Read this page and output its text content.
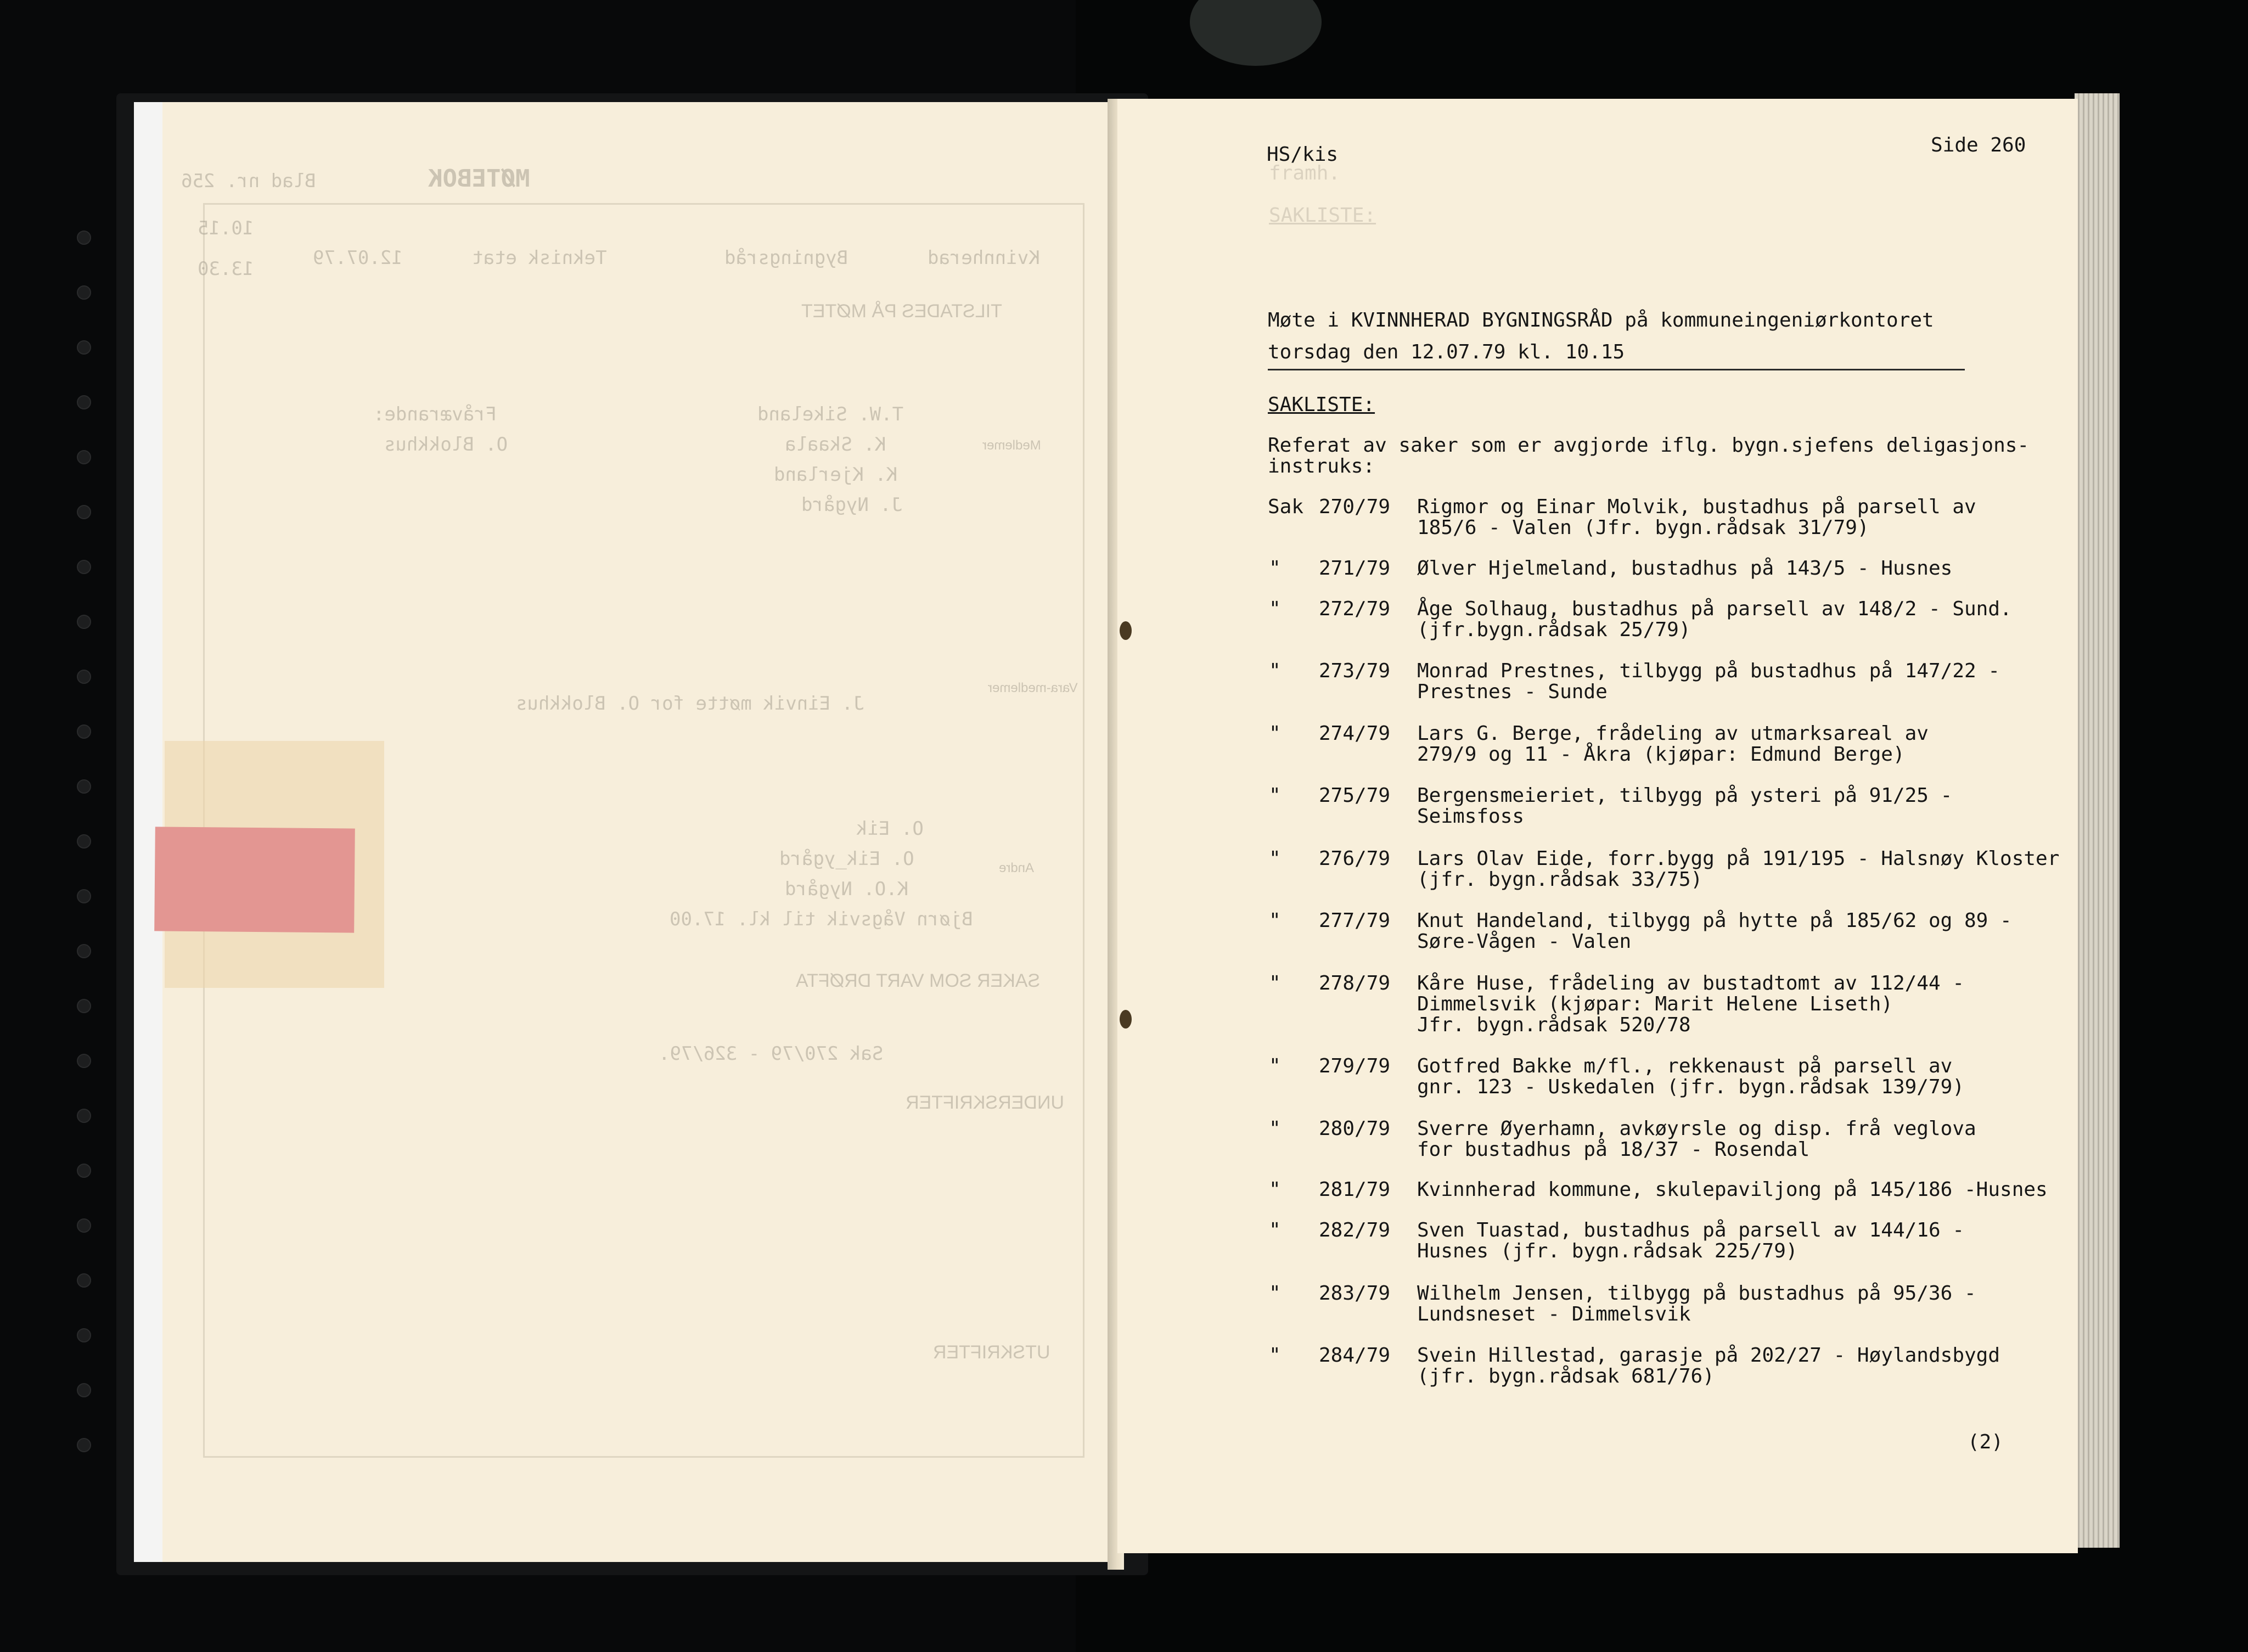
MØTEBOK
Blad nr. 256
Kvinnherad
Bygningsråd
Teknisk etat
12.07.79
10.15
13.30
TILSTADES PÅ MØTET
Medlemer
T.W. Sikeland
K. Skaala
K. Kjerland
J. Nygård
Fråværande:
O. Blokkhus
Vara-medlemer
J. Einvik møtte for O. Blokkhus
Andre
O. Eik
O. Eik_ygård
K.O. Nygård
Bjørn Vågsvik til kl. 17.00
SAKER SOM VART DRØFTA
Sak 270/79 - 326/79.
UNDERSKRIFTER
UTSKRIFTER
framh.
SAKLISTE:
HS/kis	Side 260
Møte i KVINNHERAD BYGNINGSRÅD på kommuneingeniørkontoret
torsdag den 12.07.79 kl. 10.15
SAKLISTE:
Referat av saker som er avgjorde iflg. bygn.sjefens deligasjons-
instruks:
Sak 270/79 Rigmor og Einar Molvik, bustadhus på parsell av
185/6 - Valen (Jfr. bygn.rådsak 31/79)
" 271/79 Ølver Hjelmeland, bustadhus på 143/5 - Husnes
" 272/79 Åge Solhaug, bustadhus på parsell av 148/2 - Sund.
(jfr.bygn.rådsak 25/79)
" 273/79 Monrad Prestnes, tilbygg på bustadhus på 147/22 -
Prestnes - Sunde
" 274/79 Lars G. Berge, frådeling av utmarksareal av
279/9 og 11 - Åkra (kjøpar: Edmund Berge)
" 275/79 Bergensmeieriet, tilbygg på ysteri på 91/25 -
Seimsfoss
" 276/79 Lars Olav Eide, forr.bygg på 191/195 - Halsnøy Kloster
(jfr. bygn.rådsak 33/75)
" 277/79 Knut Handeland, tilbygg på hytte på 185/62 og 89 -
Søre-Vågen - Valen
" 278/79 Kåre Huse, frådeling av bustadtomt av 112/44 -
Dimmelsvik (kjøpar: Marit Helene Liseth)
Jfr. bygn.rådsak 520/78
" 279/79 Gotfred Bakke m/fl., rekkenaust på parsell av
gnr. 123 - Uskedalen (jfr. bygn.rådsak 139/79)
" 280/79 Sverre Øyerhamn, avkøyrsle og disp. frå veglova
for bustadhus på 18/37 - Rosendal
" 281/79 Kvinnherad kommune, skulepaviljong på 145/186 -Husnes
" 282/79 Sven Tuastad, bustadhus på parsell av 144/16 -
Husnes (jfr. bygn.rådsak 225/79)
" 283/79 Wilhelm Jensen, tilbygg på bustadhus på 95/36 -
Lundsneset - Dimmelsvik
" 284/79 Svein Hillestad, garasje på 202/27 - Høylandsbygd
(jfr. bygn.rådsak 681/76)
(2)
